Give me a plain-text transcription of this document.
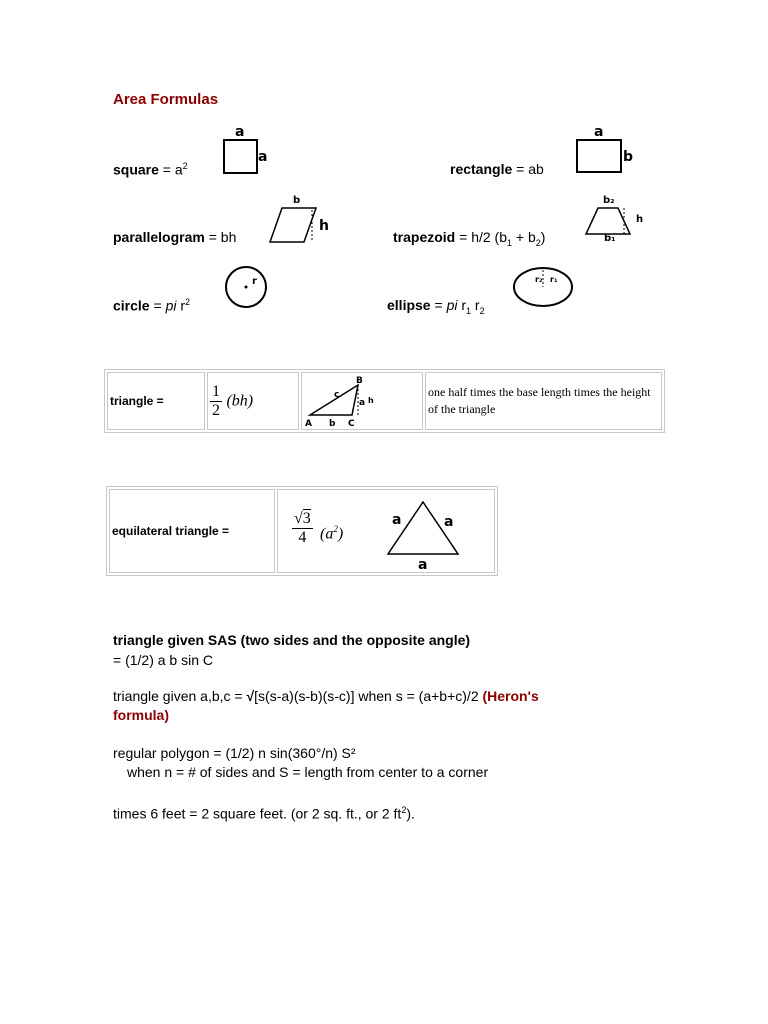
Area Formulas
square = $a^2$
a
a
rectangle = ab
a
b
parallelogram = bh
b
h
trapezoid = h/2 $(b_1 + b_2)$
b₂
h
b₁
circle = pi $r^2$
r
ellipse = pi $r_1$ $r_2$
r₂ r₁
triangle =	$\frac{1}{2} (bh)$	
B
c
a h
A b C

one half times the base length times the height of the triangle
equilateral triangle =	$\frac{√3}{4} (a^2)$
a	a
a
triangle given SAS (two sides and the opposite angle)
= (1/2) a b sin C
triangle given a,b,c = √[s(s-a)(s-b)(s-c)] when s = (a+b+c)/2 (Heron's
formula)
regular polygon = (1/2) n sin(360°/n) S²
when n = # of sides and S = length from center to a corner
times 6 feet = 2 square feet. (or 2 sq. ft., or 2 $ft^2$).
